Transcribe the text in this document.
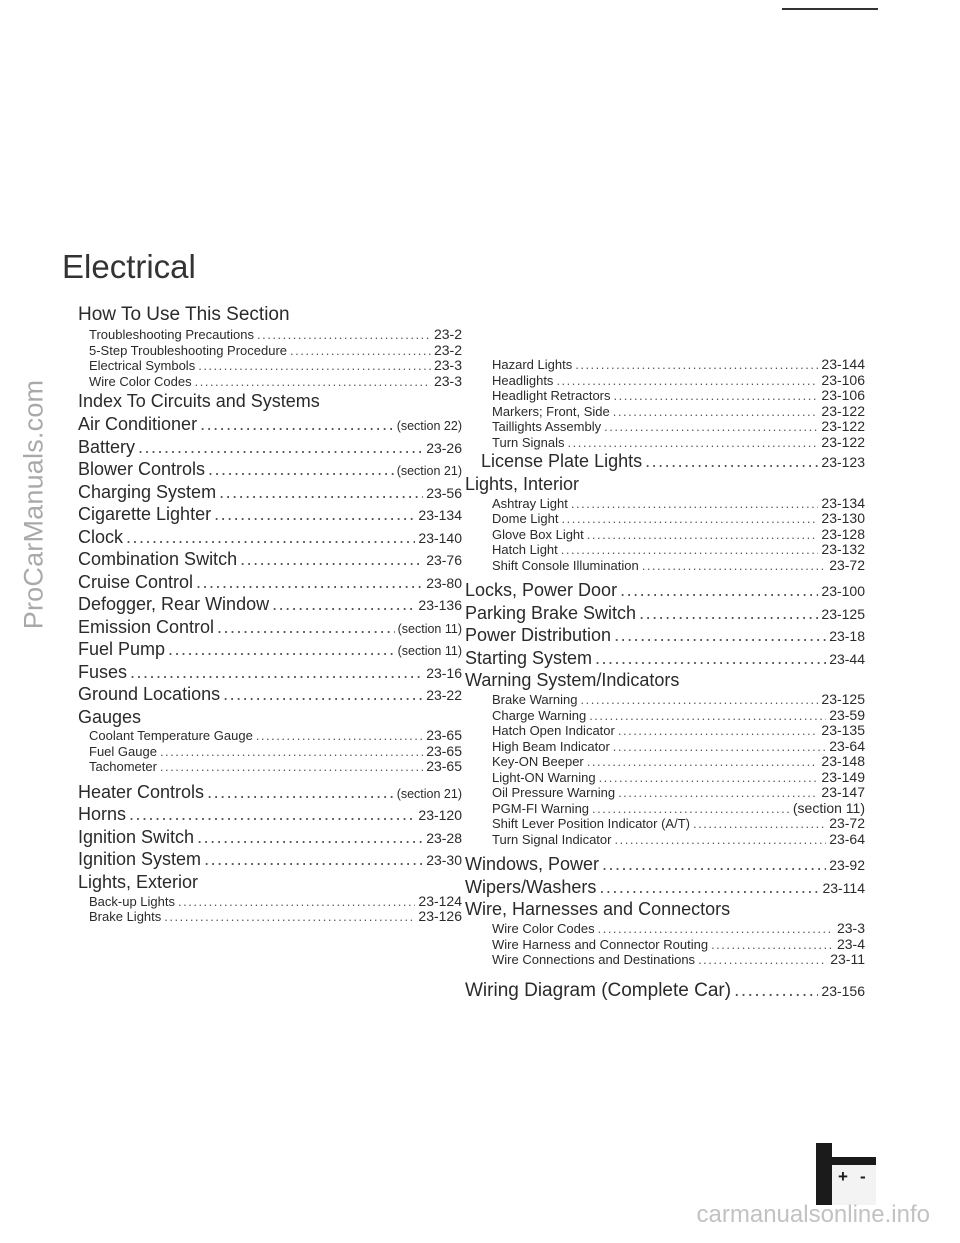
ProCarManuals.com
Electrical
How To Use This Section
Troubleshooting Precautions .....	23-2
5-Step Troubleshooting Procedure .....	23-2
Electrical Symbols .....	23-3
Wire Color Codes .....	23-3
Index To Circuits and Systems
Air Conditioner .....	(section 22)
Battery .....	23-26
Blower Controls .....	(section 21)
Charging System .....	23-56
Cigarette Lighter .....	23-134
Clock .....	23-140
Combination Switch .....	23-76
Cruise Control .....	23-80
Defogger, Rear Window .....	23-136
Emission Control .....	(section 11)
Fuel Pump .....	(section 11)
Fuses .....	23-16
Ground Locations .....	23-22
Gauges
Coolant Temperature Gauge .....	23-65
Fuel Gauge .....	23-65
Tachometer .....	23-65
Heater Controls .....	(section 21)
Horns .....	23-120
Ignition Switch .....	23-28
Ignition System .....	23-30
Lights, Exterior
Back-up Lights .....	23-124
Brake Lights .....	23-126
Hazard Lights .....	23-144
Headlights .....	23-106
Headlight Retractors .....	23-106
Markers; Front, Side .....	23-122
Taillights Assembly .....	23-122
Turn Signals .....	23-122
License Plate Lights .....	23-123
Lights, Interior
Ashtray Light .....	23-134
Dome Light .....	23-130
Glove Box Light .....	23-128
Hatch Light .....	23-132
Shift Console Illumination .....	23-72
Locks, Power Door .....	23-100
Parking Brake Switch .....	23-125
Power Distribution .....	23-18
Starting System .....	23-44
Warning System/Indicators
Brake Warning .....	23-125
Charge Warning .....	23-59
Hatch Open Indicator .....	23-135
High Beam Indicator .....	23-64
Key-ON Beeper .....	23-148
Light-ON Warning .....	23-149
Oil Pressure Warning .....	23-147
PGM-FI Warning .....	(section 11)
Shift Lever Position Indicator (A/T) .....	23-72
Turn Signal Indicator .....	23-64
Windows, Power .....	23-92
Wipers/Washers .....	23-114
Wire, Harnesses and Connectors
Wire Color Codes .....	23-3
Wire Harness and Connector Routing .....	23-4
Wire Connections and Destinations .....	23-11
Wiring Diagram (Complete Car) .....	23-156
+ -
carmanualsonline.info
